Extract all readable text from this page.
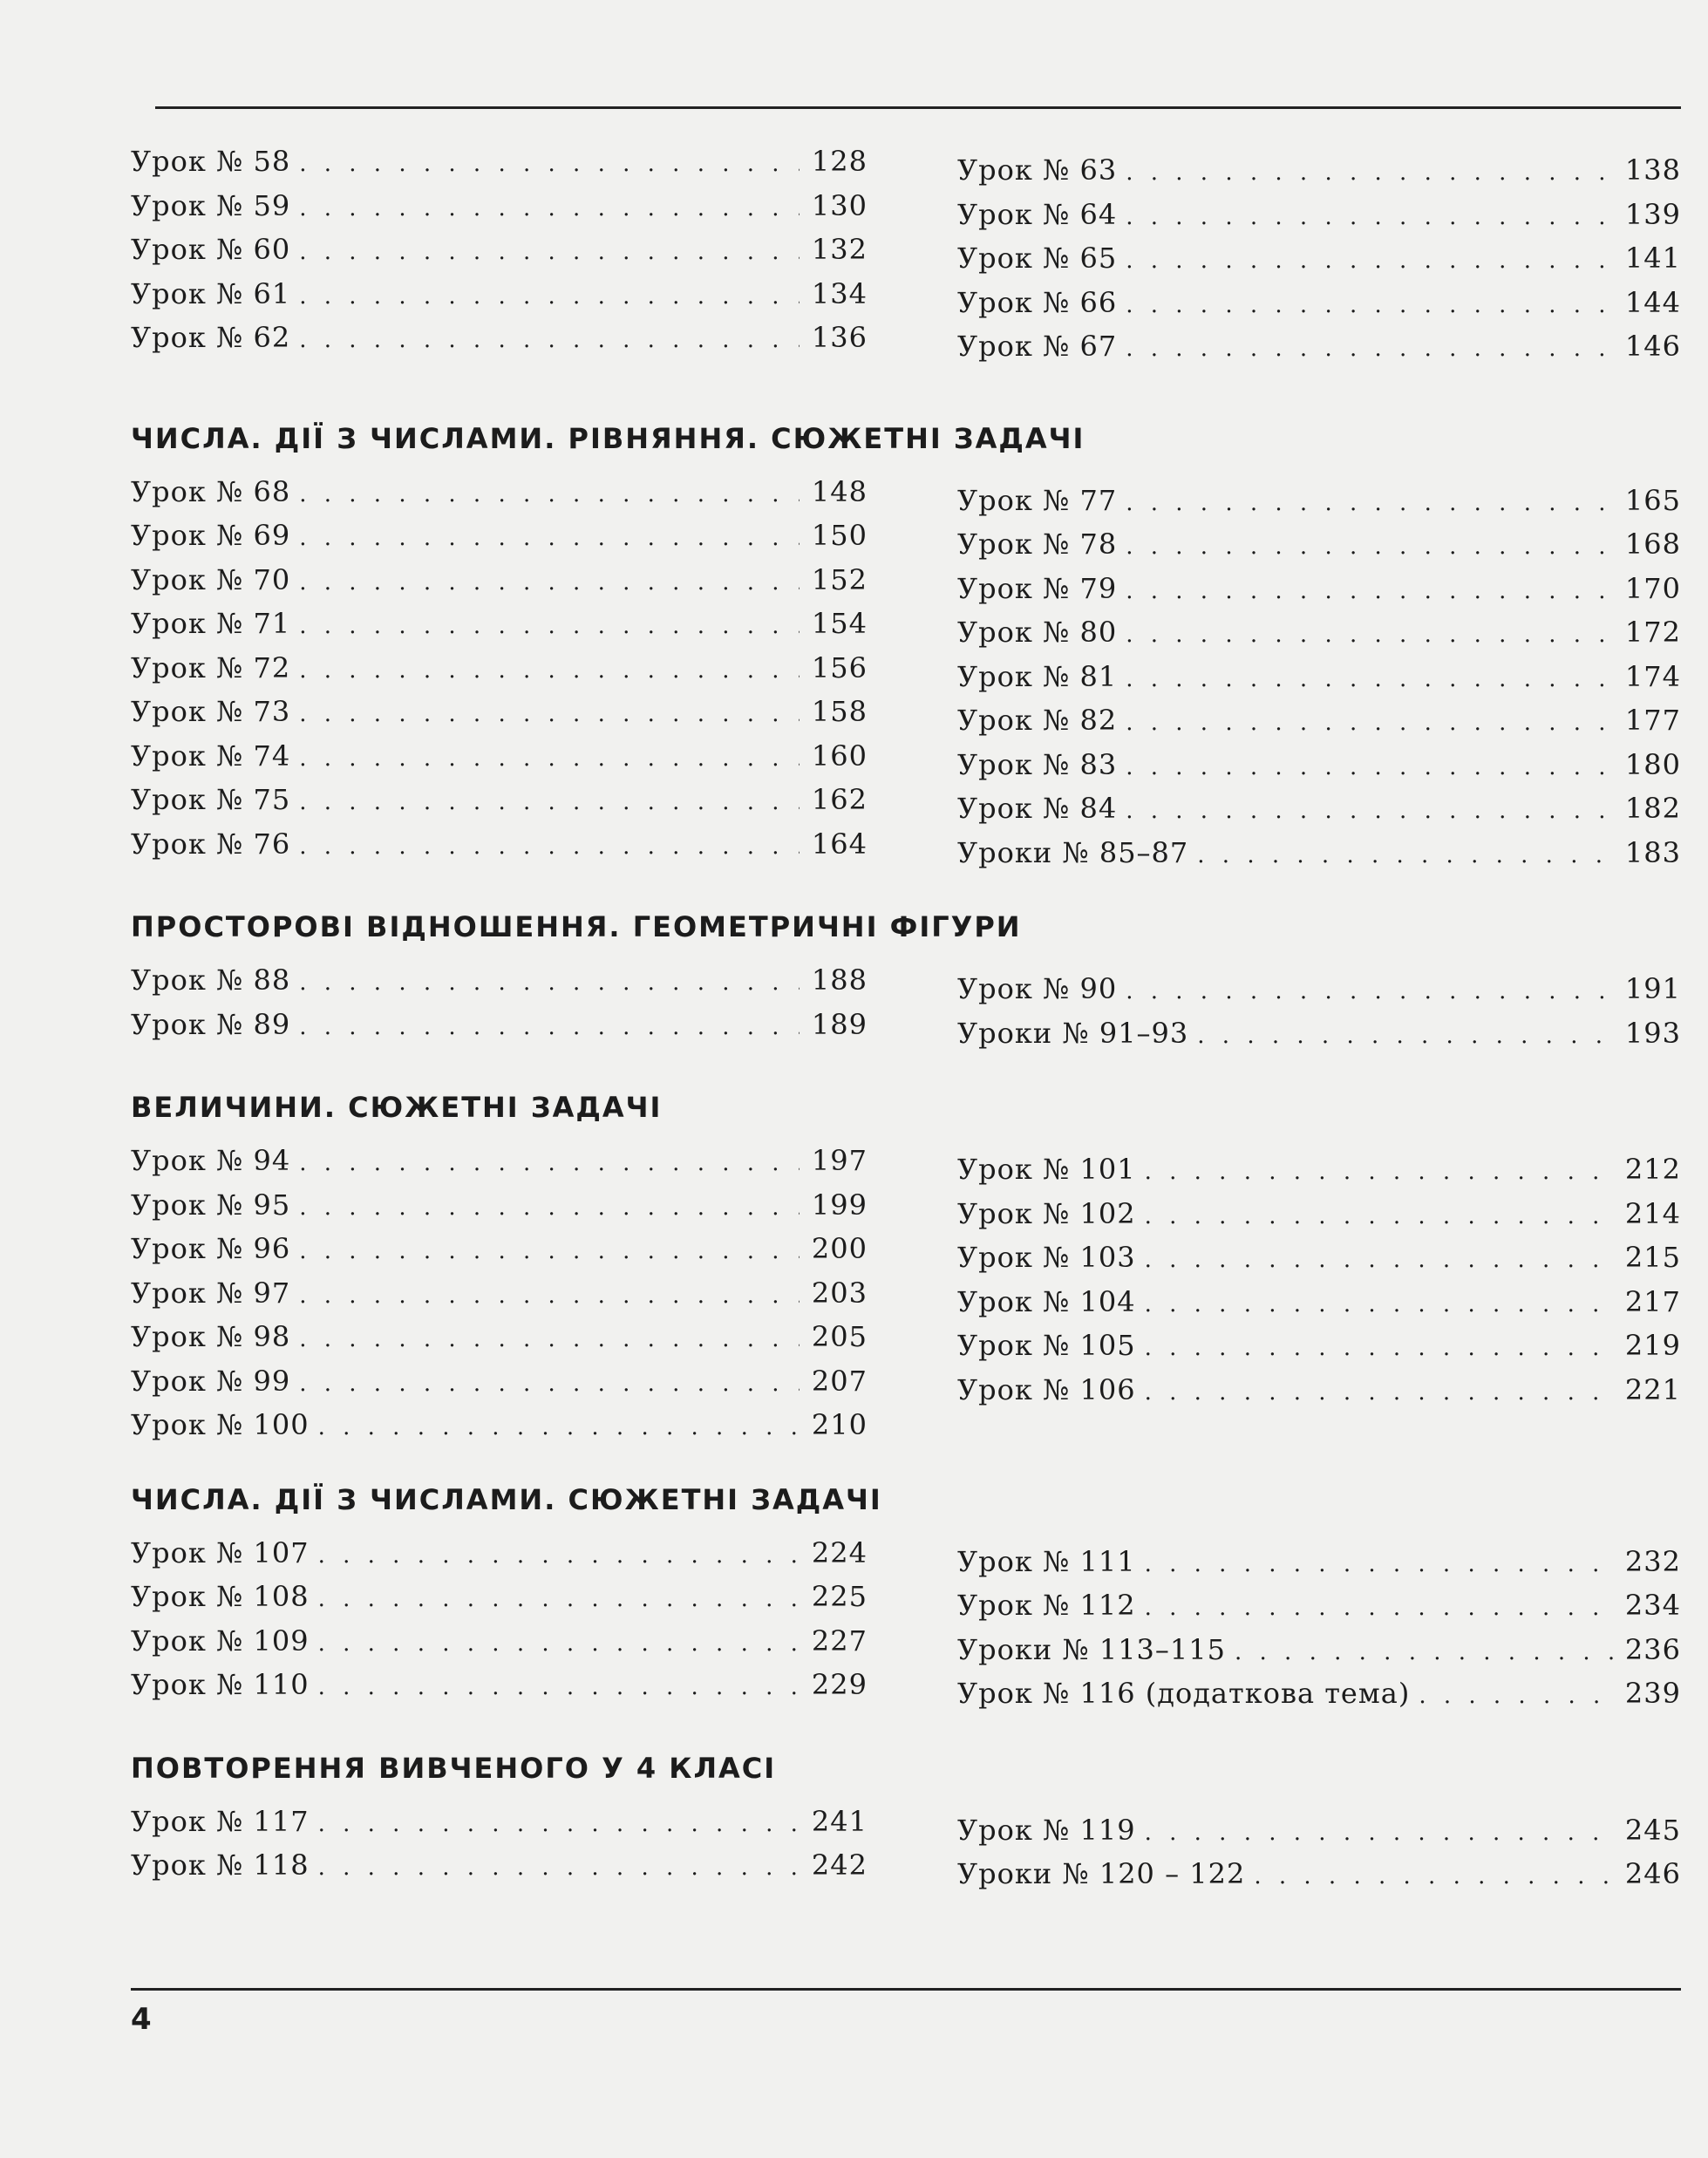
Урок № 58 . . .	128
Урок № 59 . . .	130
Урок № 60 . . .	132
Урок № 61 . . .	134
Урок № 62 . . .	136
Урок № 63 . . .	138
Урок № 64 . . .	139
Урок № 65 . . .	141
Урок № 66 . . .	144
Урок № 67 . . .	146
ЧИСЛА. ДІЇ З ЧИСЛАМИ. РІВНЯННЯ. СЮЖЕТНІ ЗАДАЧІ
Урок № 68 . . .	148
Урок № 69 . . .	150
Урок № 70 . . .	152
Урок № 71 . . .	154
Урок № 72 . . .	156
Урок № 73 . . .	158
Урок № 74 . . .	160
Урок № 75 . . .	162
Урок № 76 . . .	164
Урок № 77 . . .	165
Урок № 78 . . .	168
Урок № 79 . . .	170
Урок № 80 . . .	172
Урок № 81 . . .	174
Урок № 82 . . .	177
Урок № 83 . . .	180
Урок № 84 . . .	182
Уроки № 85–87 . . .	183
ПРОСТОРОВІ ВІДНОШЕННЯ. ГЕОМЕТРИЧНІ ФІГУРИ
Урок № 88 . . .	188
Урок № 89 . . .	189
Урок № 90 . . .	191
Уроки № 91–93 . . .	193
ВЕЛИЧИНИ. СЮЖЕТНІ ЗАДАЧІ
Урок № 94 . . .	197
Урок № 95 . . .	199
Урок № 96 . . .	200
Урок № 97 . . .	203
Урок № 98 . . .	205
Урок № 99 . . .	207
Урок № 100 . . .	210
Урок № 101 . . .	212
Урок № 102 . . .	214
Урок № 103 . . .	215
Урок № 104 . . .	217
Урок № 105 . . .	219
Урок № 106 . . .	221
ЧИСЛА. ДІЇ З ЧИСЛАМИ. СЮЖЕТНІ ЗАДАЧІ
Урок № 107 . . .	224
Урок № 108 . . .	225
Урок № 109 . . .	227
Урок № 110 . . .	229
Урок № 111 . . .	232
Урок № 112 . . .	234
Уроки № 113–115 . . .	236
Урок № 116 (додаткова тема) . . .	239
ПОВТОРЕННЯ ВИВЧЕНОГО У 4 КЛАСІ
Урок № 117 . . .	241
Урок № 118 . . .	242
Урок № 119 . . .	245
Уроки № 120 – 122 . . .	246
4
